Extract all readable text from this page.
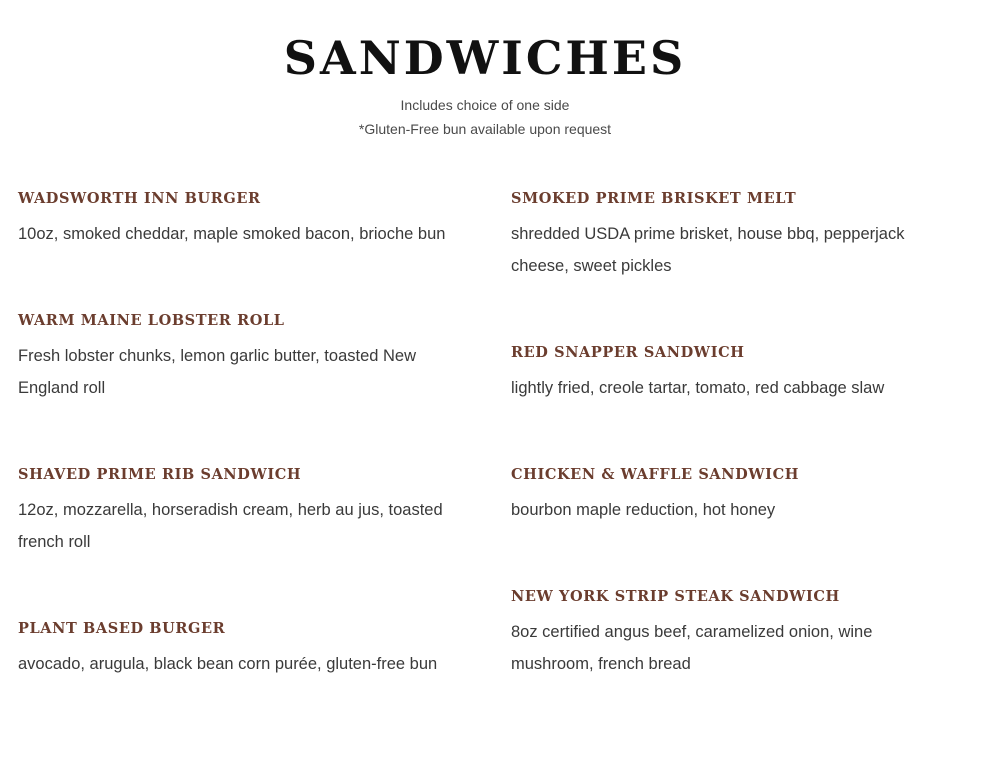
SANDWICHES
Includes choice of one side
*Gluten-Free bun available upon request
WADSWORTH INN BURGER
10oz, smoked cheddar, maple smoked bacon, brioche bun
SMOKED PRIME BRISKET MELT
shredded USDA prime brisket, house bbq, pepperjack cheese, sweet pickles
WARM MAINE LOBSTER ROLL
Fresh lobster chunks, lemon garlic butter, toasted New England roll
RED SNAPPER SANDWICH
lightly fried, creole tartar, tomato, red cabbage slaw
SHAVED PRIME RIB SANDWICH
12oz, mozzarella, horseradish cream, herb au jus, toasted french roll
CHICKEN & WAFFLE SANDWICH
bourbon maple reduction, hot honey
PLANT BASED BURGER
avocado, arugula, black bean corn purée, gluten-free bun
NEW YORK STRIP STEAK SANDWICH
8oz certified angus beef, caramelized onion, wine mushroom, french bread
